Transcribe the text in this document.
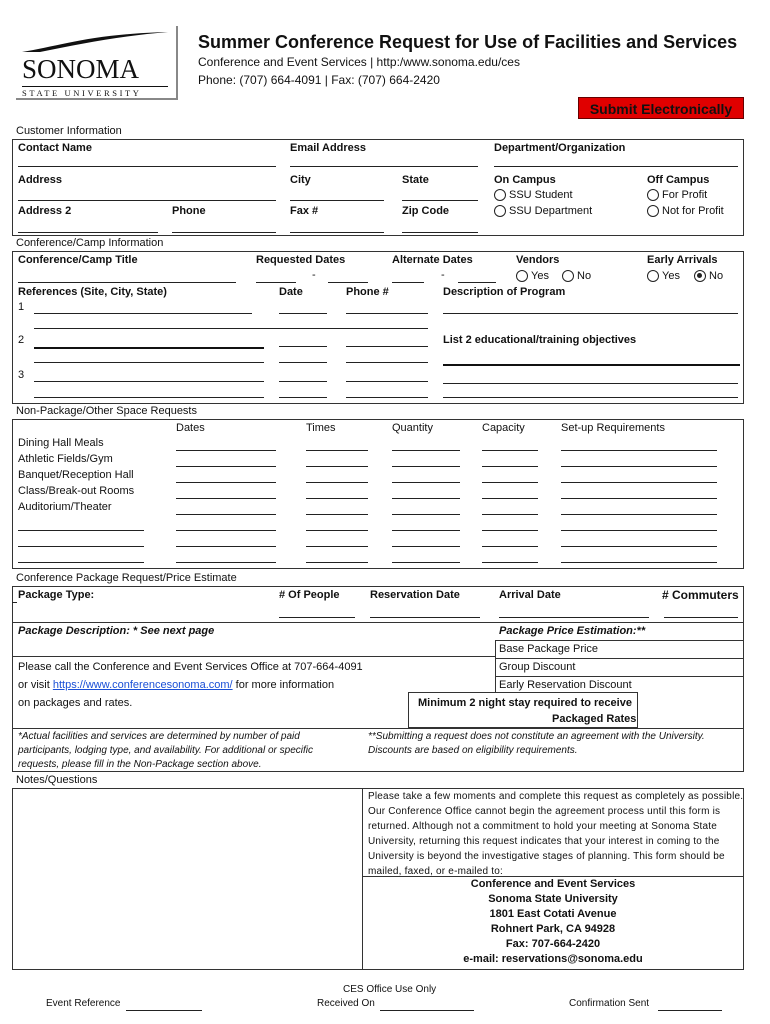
SONOMA
STATE UNIVERSITY
Summer Conference Request for Use of Facilities and Services
Conference and Event Services | http:/www.sonoma.edu/ces
Phone: (707) 664-4091 | Fax: (707) 664-2420
Submit Electronically
Customer Information
Contact Name	Email Address	Department/Organization
Address	City	State	On Campus
SSU Student
SSU Department
Off Campus
For Profit
Not for Profit
Address 2	Phone	Fax #	Zip Code
Conference/Camp Information
Conference/Camp Title	Requested Dates
-
Alternate Dates
-
Vendors
Yes	No
Early Arrivals
Yes	No
References (Site, City, State)	Date	Phone #	Description of Program
1
2	List 2 educational/training objectives
3
Non-Package/Other Space Requests
Dates	Times	Quantity	Capacity	Set-up Requirements
Dining Hall Meals
Athletic Fields/Gym
Banquet/Reception Hall
Class/Break-out Rooms
Auditorium/Theater
Conference Package Request/Price Estimate
Package Type:	# Of People	Reservation Date	Arrival Date	# Commuters
Package Description: * See next page	Package Price Estimation:**
Base Package Price
Group Discount
Early Reservation Discount
Please call the Conference and Event Services Office at 707-664-4091
or visit https://www.conferencesonoma.com/ for more information
on packages and rates.	Minimum 2 night stay required to receive
Packaged Rates
*Actual facilities and services are determined by number of paid
participants, lodging type, and availability. For additional or specific
requests, please fill in the Non-Package section above.
**Submitting a request does not constitute an agreement with the University.
Discounts are based on eligibility requirements.
Notes/Questions
Please take a few moments and complete this request as completely as possible.
Our Conference Office cannot begin the agreement process until this form is
returned. Although not a commitment to hold your meeting at Sonoma State
University, returning this request indicates that your interest in coming to the
University is beyond the investigative stages of planning. This form should be
mailed, faxed, or e-mailed to:
Conference and Event Services
Sonoma State University
1801 East Cotati Avenue
Rohnert Park, CA 94928
Fax: 707-664-2420
e-mail: reservations@sonoma.edu
CES Office Use Only
Event Reference	Received On	Confirmation Sent
